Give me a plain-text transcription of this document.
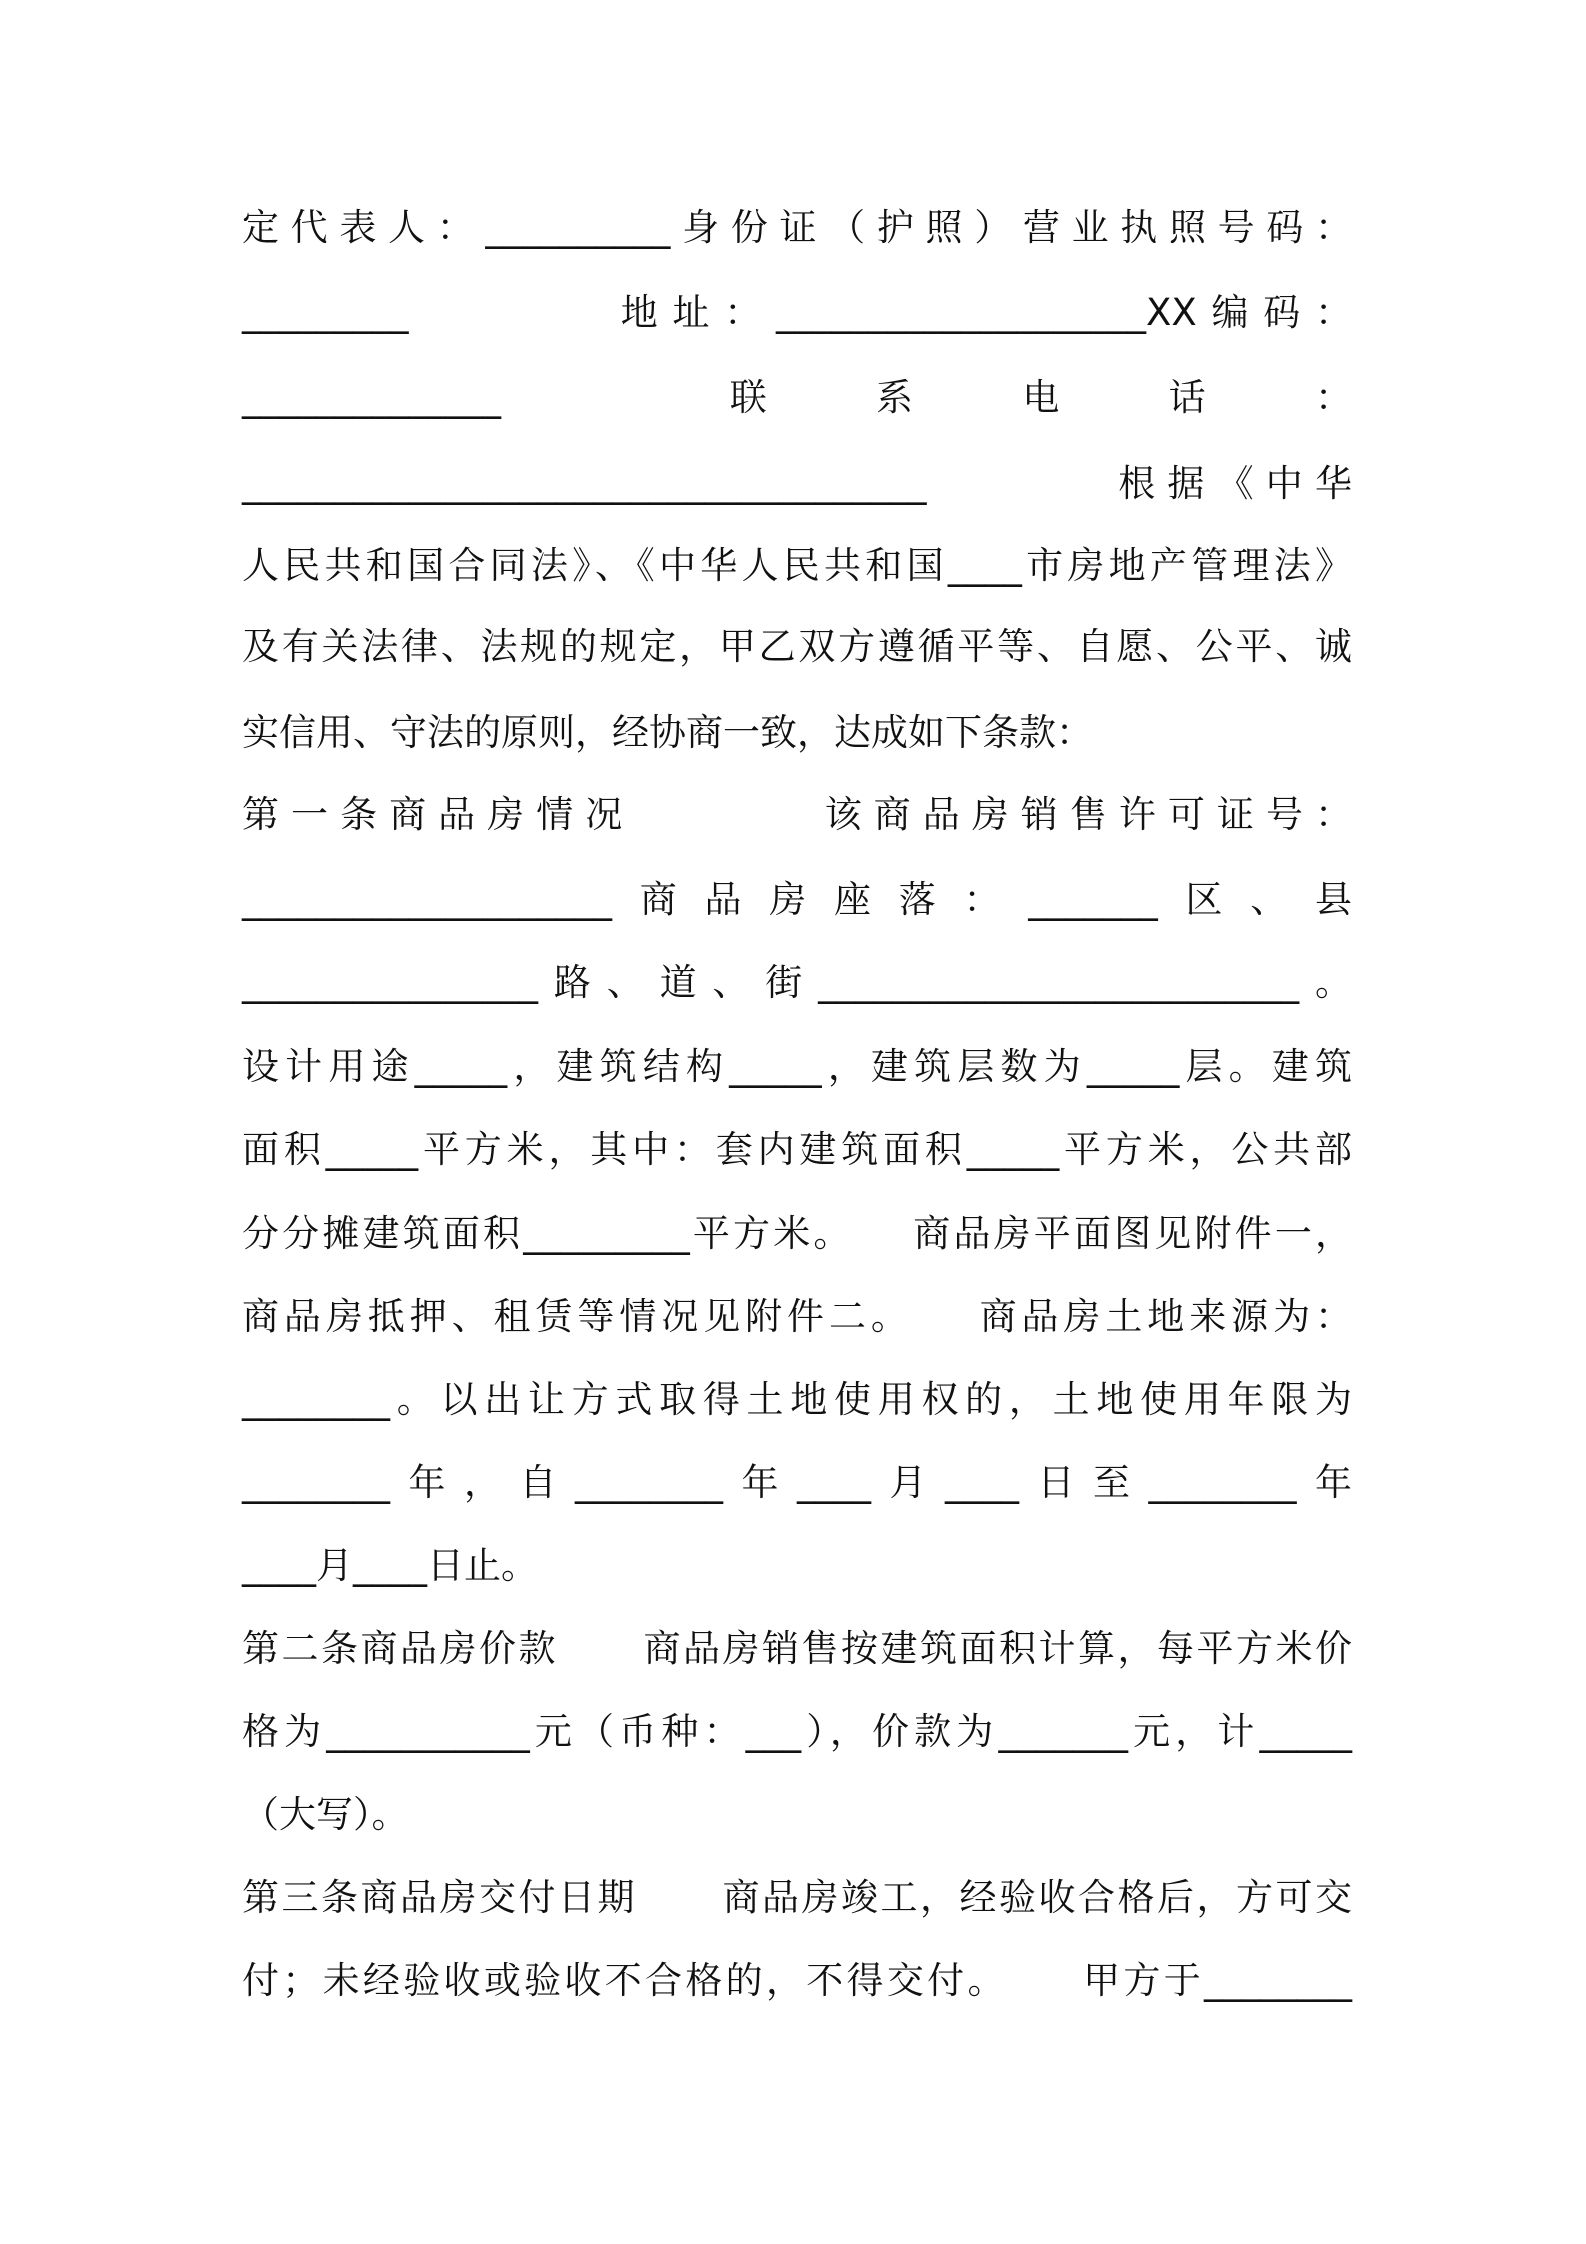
定代表人：__________身份证（护照）营业执照号码：
_________        地址：____________________XX编码：
______________                 联        系        电        话        ：
_____________________________________        根据《中华
人民共和国合同法》、《中华人民共和国____市房地产管理法》
及有关法律、法规的规定，甲乙双方遵循平等、自愿、公平、诚
实信用、守法的原则，经协商一致，达成如下条款：
第一条商品房情况        该商品房销售许可证号：
____________________商品房座落：_______区、县
________________路、道、街__________________________。
设计用途_____，建筑结构_____，建筑层数为_____层。建筑
面积_____平方米，其中：套内建筑面积_____平方米，公共部
分分摊建筑面积_________平方米。    商品房平面图见附件一，
商品房抵押、租赁等情况见附件二。    商品房土地来源为：
________。以出让方式取得土地使用权的，土地使用年限为
________年，自________年____月____日至________年
____月____日止。
第二条商品房价款      商品房销售按建筑面积计算，每平方米价
格为___________元（币种：___），价款为_______元，计_____
（大写）。
第三条商品房交付日期      商品房竣工，经验收合格后，方可交
付；未经验收或验收不合格的，不得交付。     甲方于________
